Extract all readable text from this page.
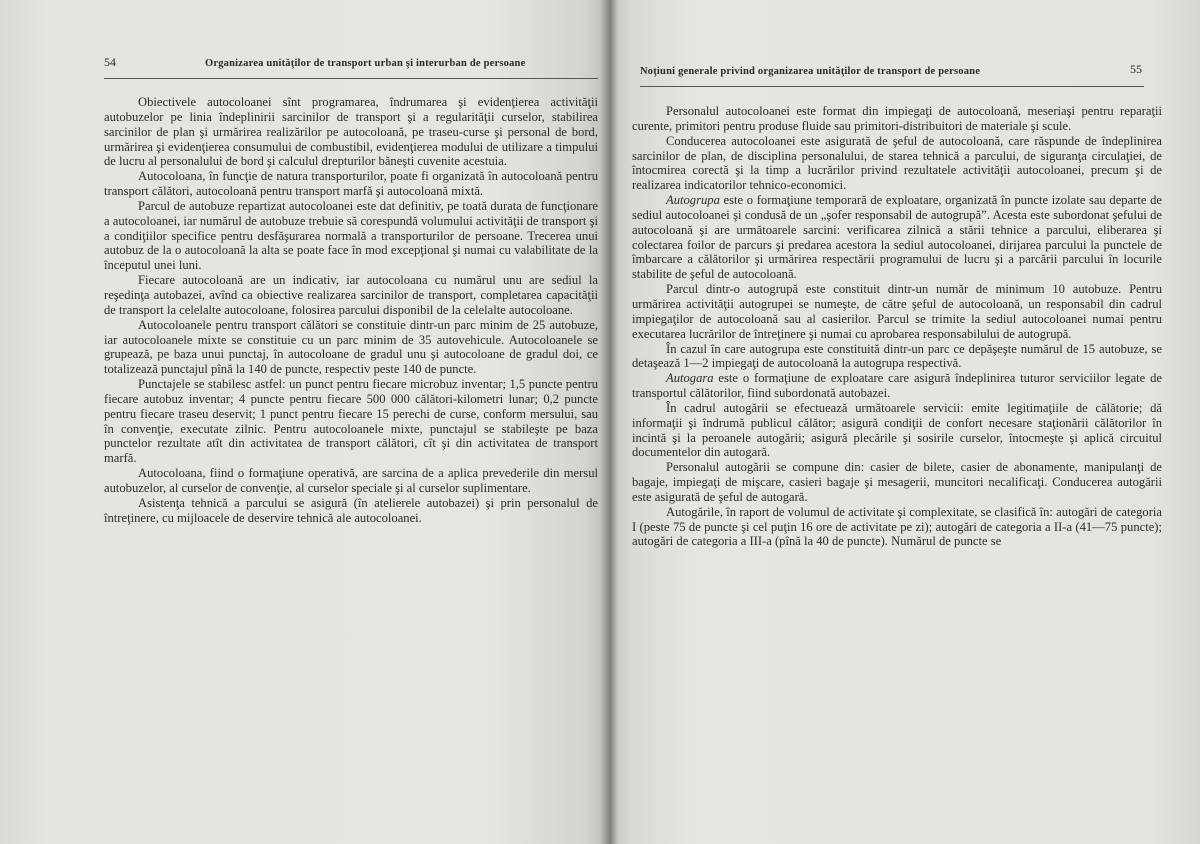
54	Organizarea unităţilor de transport urban şi interurban de persoane

Obiectivele autocoloanei sînt programarea, îndrumarea şi evidenţierea activităţii autobuzelor pe linia îndeplinirii sarcinilor de transport şi a regularităţii curselor, stabilirea sarcinilor de plan şi urmărirea realizărilor pe autocoloană, pe traseu-curse şi personal de bord, urmărirea şi evidenţierea consumului de combustibil, evidenţierea modului de utilizare a timpului de lucru al personalului de bord şi calculul drepturilor băneşti cuvenite acestuia.

Autocoloana, în funcţie de natura transporturilor, poate fi organizată în autocoloană pentru transport călători, autocoloană pentru transport marfă şi autocoloană mixtă.

Parcul de autobuze repartizat autocoloanei este dat definitiv, pe toată durata de funcţionare a autocoloanei, iar numărul de autobuze trebuie să corespundă volumului activităţii de transport şi a condiţiilor specifice pentru desfăşurarea normală a transporturilor de persoane. Trecerea unui autobuz de la o autocoloană la alta se poate face în mod excepţional şi numai cu valabilitate de la începutul unei luni.

Fiecare autocoloană are un indicativ, iar autocoloana cu numărul unu are sediul la reşedinţa autobazei, avînd ca obiective realizarea sarcinilor de transport, completarea capacităţii de transport la celelalte autocoloane, folosirea parcului disponibil de la celelalte autocoloane.

Autocoloanele pentru transport călători se constituie dintr-un parc minim de 25 autobuze, iar autocoloanele mixte se constituie cu un parc minim de 35 autovehicule. Autocoloanele se grupează, pe baza unui punctaj, în autocoloane de gradul unu şi autocoloane de gradul doi, ce totalizează punctajul pînă la 140 de puncte, respectiv peste 140 de puncte.

Punctajele se stabilesc astfel: un punct pentru fiecare microbuz inventar; 1,5 puncte pentru fiecare autobuz inventar; 4 puncte pentru fiecare 500 000 călători-kilometri lunar; 0,2 puncte pentru fiecare traseu deservit; 1 punct pentru fiecare 15 perechi de curse, conform mersului, sau în convenţie, executate zilnic. Pentru autocoloanele mixte, punctajul se stabileşte pe baza punctelor rezultate atît din activitatea de transport călători, cît şi din activitatea de transport marfă.

Autocoloana, fiind o formaţiune operativă, are sarcina de a aplica prevederile din mersul autobuzelor, al curselor de convenţie, al curselor speciale şi al curselor suplimentare.

Asistenţa tehnică a parcului se asigură (în atelierele autobazei) şi prin personalul de întreţinere, cu mijloacele de deservire tehnică ale autocoloanei.

Noţiuni generale privind organizarea unităţilor de transport de persoane	55

Personalul autocoloanei este format din impiegaţi de autocoloană, meseriaşi pentru reparaţii curente, primitori pentru produse fluide sau primitori-distribuitori de materiale şi scule.

Conducerea autocoloanei este asigurată de şeful de autocoloană, care răspunde de îndeplinirea sarcinilor de plan, de disciplina personalului, de starea tehnică a parcului, de siguranţa circulaţiei, de întocmirea corectă şi la timp a lucrărilor privind rezultatele activităţii autocoloanei, precum şi de realizarea indicatorilor tehnico-economici.

Autogrupa este o formaţiune temporară de exploatare, organizată în puncte izolate sau departe de sediul autocoloanei şi condusă de un „şofer responsabil de autogrupă”. Acesta este subordonat şefului de autocoloană şi are următoarele sarcini: verificarea zilnică a stării tehnice a parcului, eliberarea şi colectarea foilor de parcurs şi predarea acestora la sediul autocoloanei, dirijarea parcului la punctele de îmbarcare a călătorilor şi urmărirea respectării programului de lucru şi a parcării parcului în locurile stabilite de şeful de autocoloană.

Parcul dintr-o autogrupă este constituit dintr-un număr de minimum 10 autobuze. Pentru urmărirea activităţii autogrupei se numeşte, de către şeful de autocoloană, un responsabil din cadrul impiegaţilor de autocoloană sau al casierilor. Parcul se trimite la sediul autocoloanei numai pentru executarea lucrărilor de întreţinere şi numai cu aprobarea responsabilului de autogrupă.

În cazul în care autogrupa este constituită dintr-un parc ce depăşeşte numărul de 15 autobuze, se detaşează 1—2 impiegaţi de autocoloană la autogrupa respectivă.

Autogara este o formaţiune de exploatare care asigură îndeplinirea tuturor serviciilor legate de transportul călătorilor, fiind subordonată autobazei.

În cadrul autogării se efectuează următoarele servicii: emite legitimaţiile de călătorie; dă informaţii şi îndrumă publicul călător; asigură condiţii de confort necesare staţionării călătorilor în incintă şi la peroanele autogării; asigură plecările şi sosirile curselor, întocmeşte şi aplică circuitul documentelor din autogară.

Personalul autogării se compune din: casier de bilete, casier de abonamente, manipulanţi de bagaje, impiegaţi de mişcare, casieri bagaje şi mesagerii, muncitori necalificaţi. Conducerea autogării este asigurată de şeful de autogară.

Autogările, în raport de volumul de activitate şi complexitate, se clasifică în: autogări de categoria I (peste 75 de puncte şi cel puţin 16 ore de activitate pe zi); autogări de categoria a II-a (41—75 puncte); autogări de categoria a III-a (pînă la 40 de puncte). Numărul de puncte se
